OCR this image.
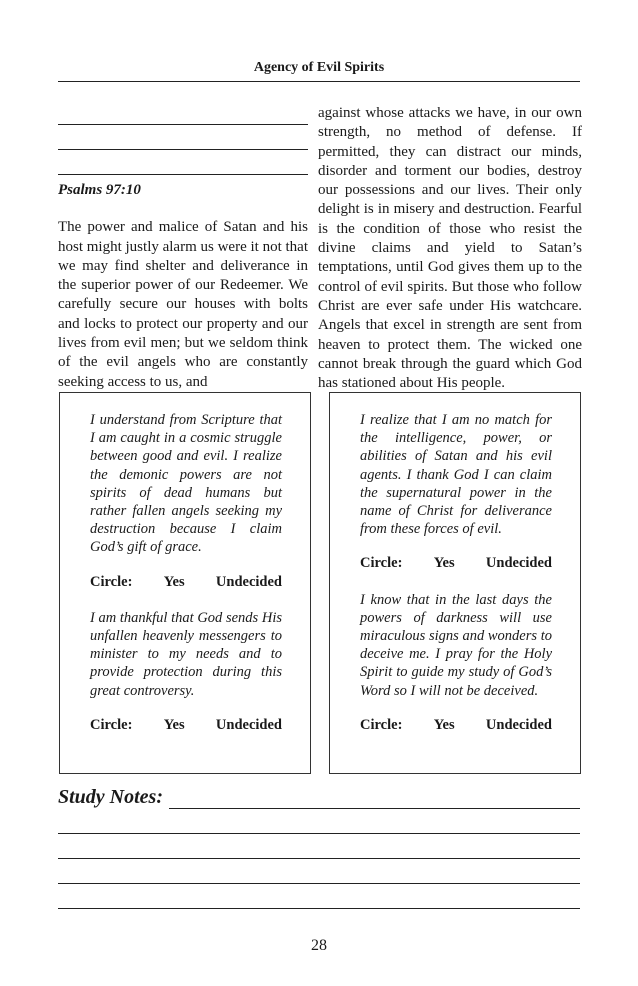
Agency of Evil Spirits
Psalms 97:10
The power and malice of Satan and his host might justly alarm us were it not that we may find shelter and deliverance in the superior power of our Redeemer. We carefully secure our houses with bolts and locks to protect our property and our lives from evil men; but we seldom think of the evil angels who are constantly seeking access to us, and
against whose attacks we have, in our own strength, no method of defense. If permitted, they can distract our minds, disorder and torment our bodies, destroy our possessions and our lives. Their only delight is in misery and destruction. Fearful is the condition of those who resist the divine claims and yield to Satan’s temptations, until God gives them up to the control of evil spirits. But those who follow Christ are ever safe under His watchcare. Angels that excel in strength are sent from heaven to protect them. The wicked one cannot break through the guard which God has stationed about His people.

I understand from Scripture that I am caught in a cosmic struggle between good and evil. I realize the demonic powers are not spirits of dead humans but rather fallen angels seeking my destruction because I claim God’s gift of grace.

Circle: Yes Undecided

I am thankful that God sends His unfallen heavenly messengers to minister to my needs and to provide protection during this great controversy.

Circle: Yes Undecided

I realize that I am no match for the intelligence, power, or abilities of Satan and his evil agents. I thank God I can claim the supernatural power in the name of Christ for deliverance from these forces of evil.

Circle: Yes Undecided

I know that in the last days the powers of darkness will use miraculous signs and wonders to deceive me. I pray for the Holy Spirit to guide my study of God’s Word so I will not be deceived.

Circle: Yes Undecided
Study Notes:
28
